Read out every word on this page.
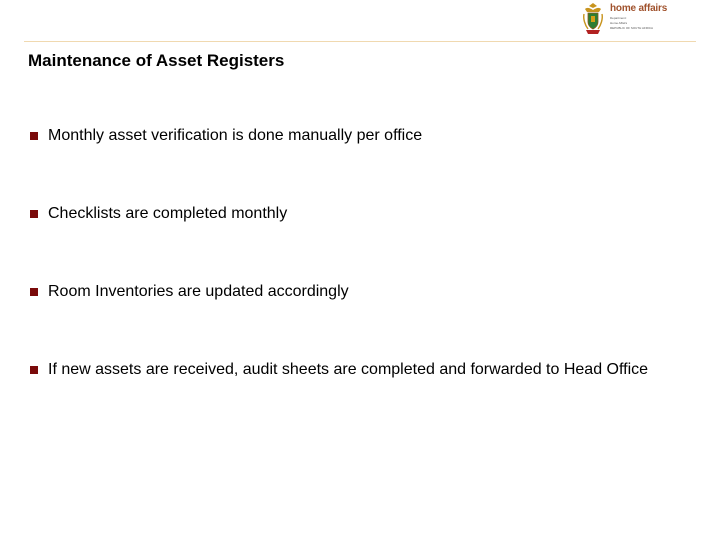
home affairs
Department:
Home Affairs
REPUBLIC OF SOUTH AFRICA
Maintenance of Asset Registers
Monthly asset verification is done manually per office
Checklists are completed monthly
Room Inventories are updated accordingly
If new assets are received, audit sheets are completed and forwarded to Head Office
